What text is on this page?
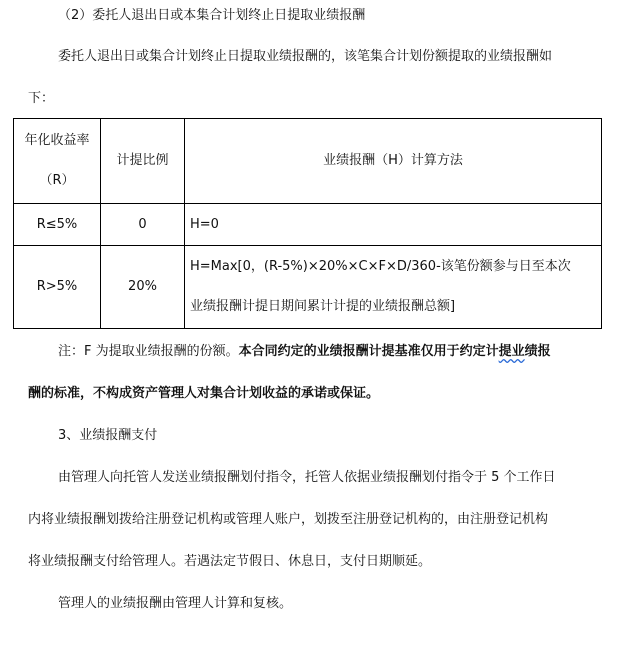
（2）委托人退出日或本集合计划终止日提取业绩报酬
委托人退出日或集合计划终止日提取业绩报酬的，该笔集合计划份额提取的业绩报酬如
下：
年化收益率
（R）	计提比例	业绩报酬（H）计算方法
R≤5%	0	H=0

R>5%	20%	H=Max[0，(R-5%)×20%×C×F×D/360-该笔份额参与日至本次
业绩报酬计提日期间累计计提的业绩报酬总额]
注：F 为提取业绩报酬的份额。本合同约定的业绩报酬计提基准仅用于约定计提业绩报
酬的标准，不构成资产管理人对集合计划收益的承诺或保证。
3、业绩报酬支付
由管理人向托管人发送业绩报酬划付指令，托管人依据业绩报酬划付指令于 5 个工作日
内将业绩报酬划拨给注册登记机构或管理人账户，划拨至注册登记机构的，由注册登记机构
将业绩报酬支付给管理人。若遇法定节假日、休息日，支付日期顺延。
管理人的业绩报酬由管理人计算和复核。
